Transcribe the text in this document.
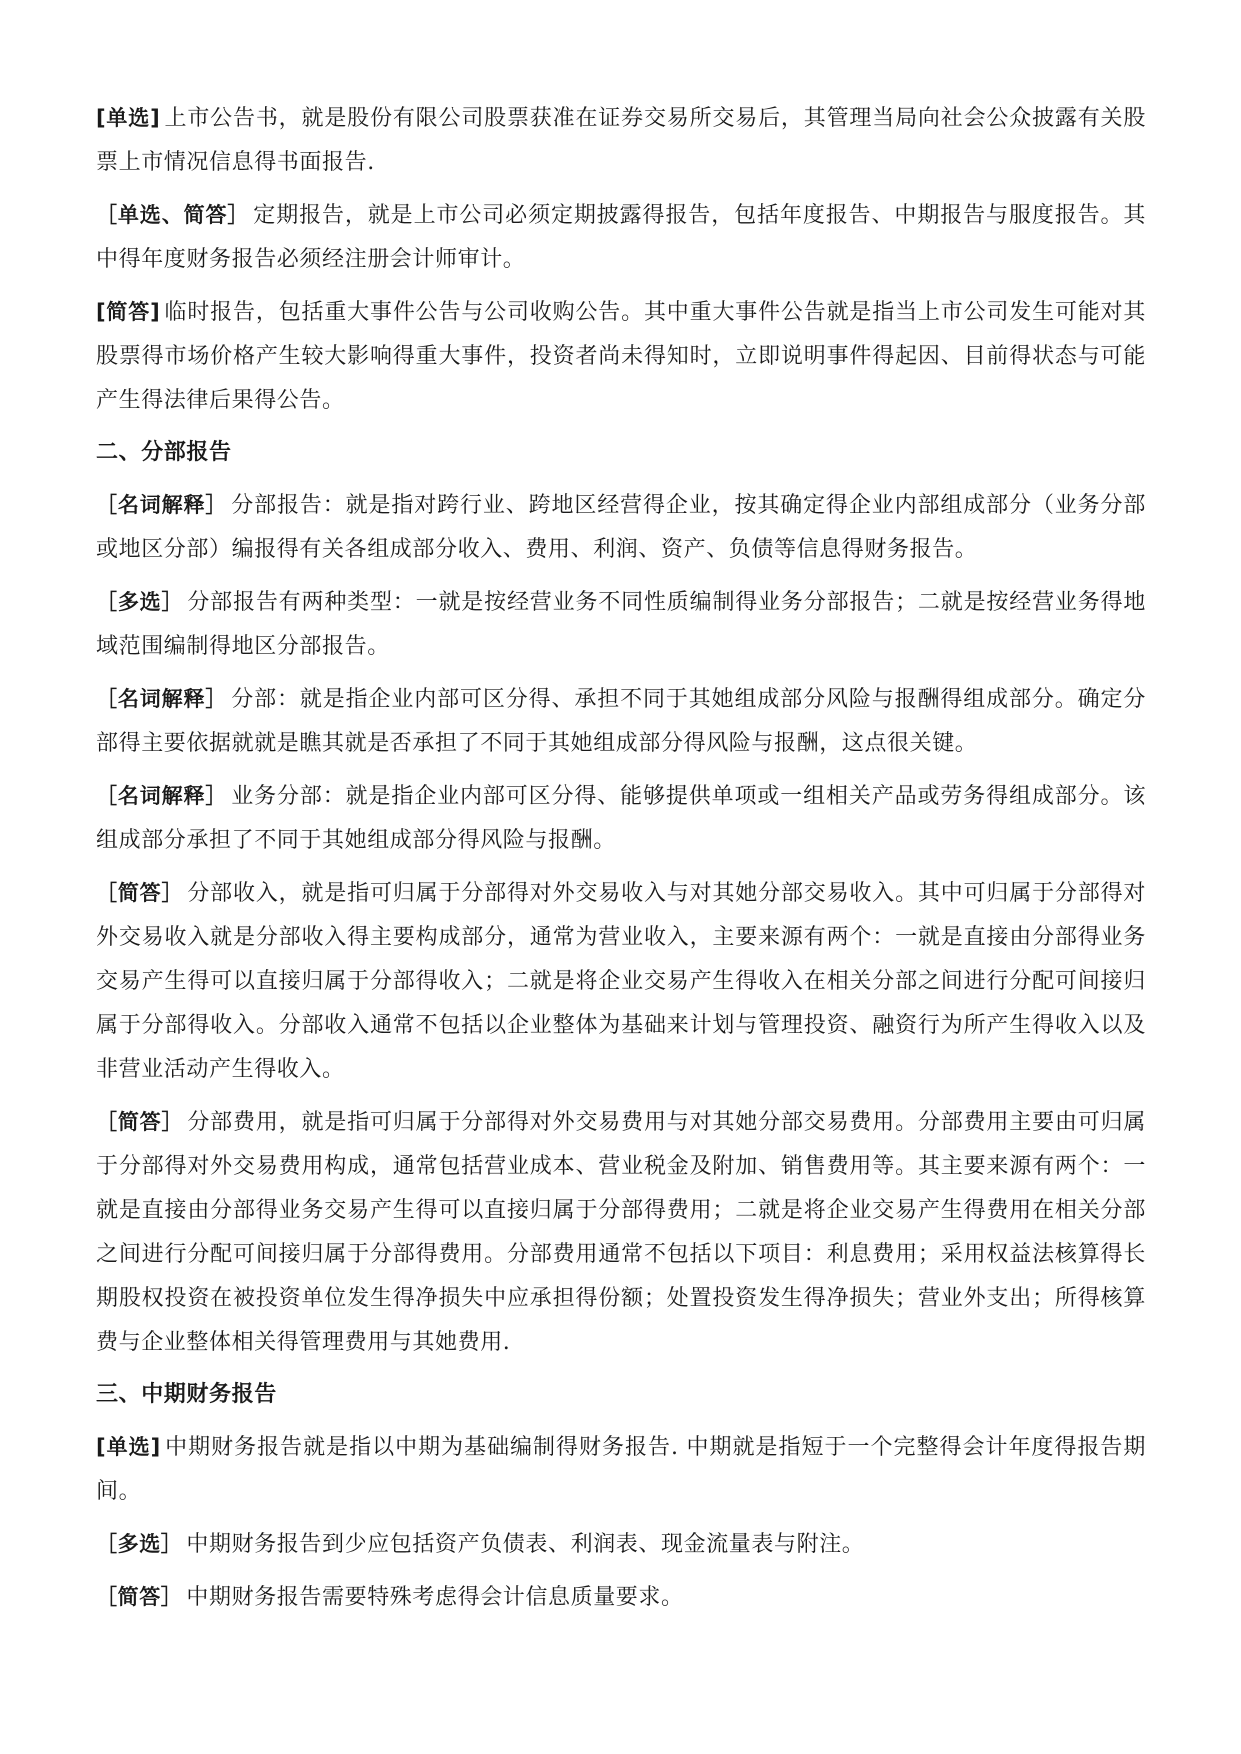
[单选] 上市公告书，就是股份有限公司股票获准在证券交易所交易后，其管理当局向社会公众披露有关股票上市情况信息得书面报告.

［单选、简答］ 定期报告，就是上市公司必须定期披露得报告，包括年度报告、中期报告与服度报告。其中得年度财务报告必须经注册会计师审计。

[简答] 临时报告，包括重大事件公告与公司收购公告。其中重大事件公告就是指当上市公司发生可能对其股票得市场价格产生较大影响得重大事件，投资者尚未得知时，立即说明事件得起因、目前得状态与可能产生得法律后果得公告。

二、分部报告

［名词解释］ 分部报告：就是指对跨行业、跨地区经营得企业，按其确定得企业内部组成部分（业务分部或地区分部）编报得有关各组成部分收入、费用、利润、资产、负债等信息得财务报告。

［多选］ 分部报告有两种类型：一就是按经营业务不同性质编制得业务分部报告；二就是按经营业务得地域范围编制得地区分部报告。

［名词解释］ 分部：就是指企业内部可区分得、承担不同于其她组成部分风险与报酬得组成部分。确定分部得主要依据就就是瞧其就是否承担了不同于其她组成部分得风险与报酬，这点很关键。

［名词解释］ 业务分部：就是指企业内部可区分得、能够提供单项或一组相关产品或劳务得组成部分。该组成部分承担了不同于其她组成部分得风险与报酬。

［简答］ 分部收入，就是指可归属于分部得对外交易收入与对其她分部交易收入。其中可归属于分部得对外交易收入就是分部收入得主要构成部分，通常为营业收入，主要来源有两个：一就是直接由分部得业务交易产生得可以直接归属于分部得收入；二就是将企业交易产生得收入在相关分部之间进行分配可间接归属于分部得收入。分部收入通常不包括以企业整体为基础来计划与管理投资、融资行为所产生得收入以及非营业活动产生得收入。

［简答］ 分部费用，就是指可归属于分部得对外交易费用与对其她分部交易费用。分部费用主要由可归属于分部得对外交易费用构成，通常包括营业成本、营业税金及附加、销售费用等。其主要来源有两个：一就是直接由分部得业务交易产生得可以直接归属于分部得费用；二就是将企业交易产生得费用在相关分部之间进行分配可间接归属于分部得费用。分部费用通常不包括以下项目：利息费用；采用权益法核算得长期股权投资在被投资单位发生得净损失中应承担得份额；处置投资发生得净损失；营业外支出；所得核算费与企业整体相关得管理费用与其她费用.

三、中期财务报告

[单选] 中期财务报告就是指以中期为基础编制得财务报告. 中期就是指短于一个完整得会计年度得报告期间。

［多选］ 中期财务报告到少应包括资产负债表、利润表、现金流量表与附注。

［简答］ 中期财务报告需要特殊考虑得会计信息质量要求。
